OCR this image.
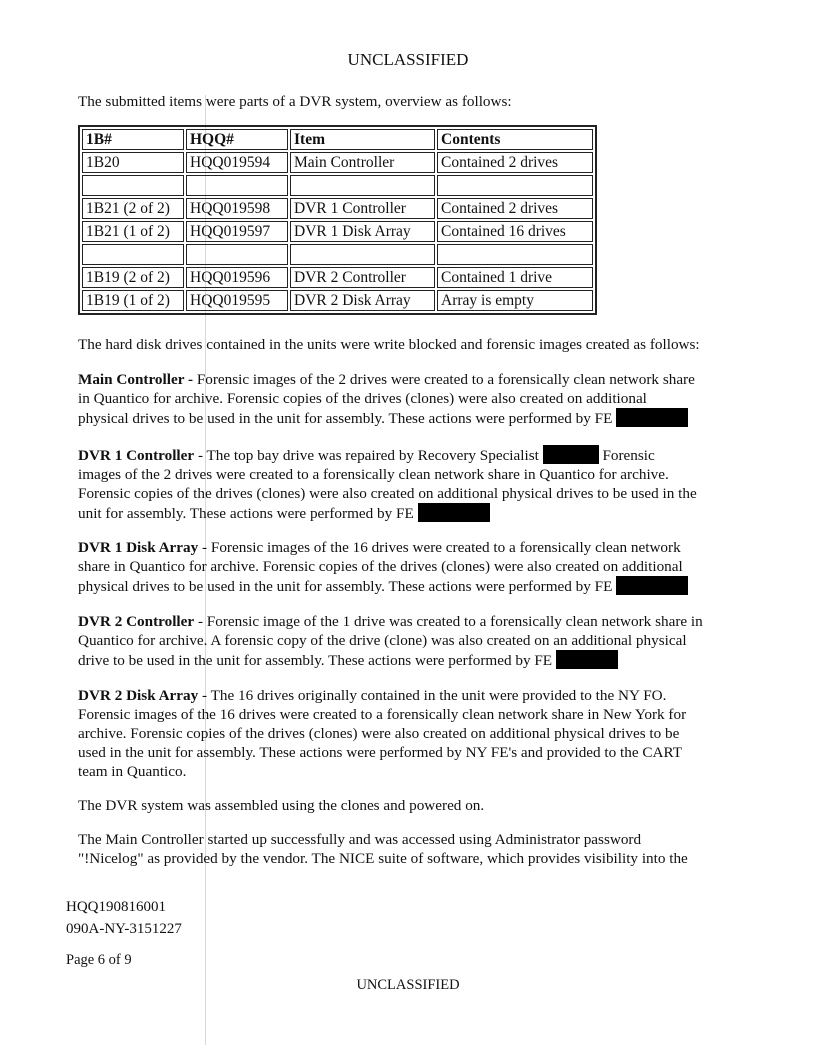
UNCLASSIFIED
The submitted items were parts of a DVR system, overview as follows:
1B#	HQQ#	Item	Contents
1B20	HQQ019594	Main Controller	Contained 2 drives

1B21 (2 of 2)	HQQ019598	DVR 1 Controller	Contained 2 drives
1B21 (1 of 2)	HQQ019597	DVR 1 Disk Array	Contained 16 drives

1B19 (2 of 2)	HQQ019596	DVR 2 Controller	Contained 1 drive
1B19 (1 of 2)	HQQ019595	DVR 2 Disk Array	Array is empty
The hard disk drives contained in the units were write blocked and forensic images created as follows:
Main Controller - Forensic images of the 2 drives were created to a forensically clean network share
in Quantico for archive. Forensic copies of the drives (clones) were also created on additional
physical drives to be used in the unit for assembly. These actions were performed by FE
DVR 1 Controller - The top bay drive was repaired by Recovery Specialist	Forensic
images of the 2 drives were created to a forensically clean network share in Quantico for archive.
Forensic copies of the drives (clones) were also created on additional physical drives to be used in the
unit for assembly. These actions were performed by FE
DVR 1 Disk Array - Forensic images of the 16 drives were created to a forensically clean network
share in Quantico for archive. Forensic copies of the drives (clones) were also created on additional
physical drives to be used in the unit for assembly. These actions were performed by FE
DVR 2 Controller - Forensic image of the 1 drive was created to a forensically clean network share in
Quantico for archive. A forensic copy of the drive (clone) was also created on an additional physical
drive to be used in the unit for assembly. These actions were performed by FE
DVR 2 Disk Array - The 16 drives originally contained in the unit were provided to the NY FO.
Forensic images of the 16 drives were created to a forensically clean network share in New York for
archive. Forensic copies of the drives (clones) were also created on additional physical drives to be
used in the unit for assembly. These actions were performed by NY FE's and provided to the CART
team in Quantico.
The DVR system was assembled using the clones and powered on.
The Main Controller started up successfully and was accessed using Administrator password
"!Nicelog" as provided by the vendor. The NICE suite of software, which provides visibility into the
HQQ190816001
090A-NY-3151227
Page 6 of 9
UNCLASSIFIED
